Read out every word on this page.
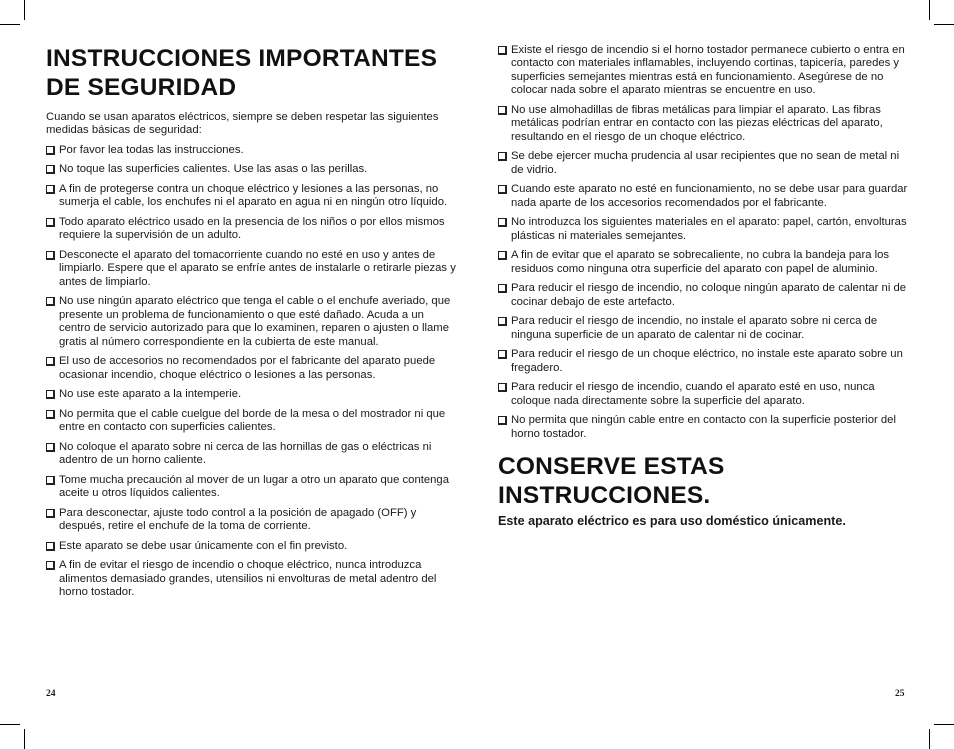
INSTRUCCIONES IMPORTANTES DE SEGURIDAD

Cuando se usan aparatos eléctricos, siempre se deben respetar las siguientes medidas básicas de seguridad:

Por favor lea todas las instrucciones.
No toque las superficies calientes. Use las asas o las perillas.
A fin de protegerse contra un choque eléctrico y lesiones a las personas, no sumerja el cable, los enchufes ni el aparato en agua ni en ningún otro líquido.
Todo aparato eléctrico usado en la presencia de los niños o por ellos mismos requiere la supervisión de un adulto.
Desconecte el aparato del tomacorriente cuando no esté en uso y antes de limpiarlo. Espere que el aparato se enfríe antes de instalarle o retirarle piezas y antes de limpiarlo.
No use ningún aparato eléctrico que tenga el cable o el enchufe averiado, que presente un problema de funcionamiento o que esté dañado. Acuda a un centro de servicio autorizado para que lo examinen, reparen o ajusten o llame gratis al número correspondiente en la cubierta de este manual.
El uso de accesorios no recomendados por el fabricante del aparato puede ocasionar incendio, choque eléctrico o lesiones a las personas.
No use este aparato a la intemperie.
No permita que el cable cuelgue del borde de la mesa o del mostrador ni que entre en contacto con superficies calientes.
No coloque el aparato sobre ni cerca de las hornillas de gas o eléctricas ni adentro de un horno caliente.
Tome mucha precaución al mover de un lugar a otro un aparato que contenga aceite u otros líquidos calientes.
Para desconectar, ajuste todo control a la posición de apagado (OFF) y después, retire el enchufe de la toma de corriente.
Este aparato se debe usar únicamente con el fin previsto.
A fin de evitar el riesgo de incendio o choque eléctrico, nunca introduzca alimentos demasiado grandes, utensilios ni envolturas de metal adentro del horno tostador.
Existe el riesgo de incendio si el horno tostador permanece cubierto o entra en contacto con materiales inflamables, incluyendo cortinas, tapicería, paredes y superficies semejantes mientras está en funcionamiento. Asegúrese de no colocar nada sobre el aparato mientras se encuentre en uso.
No use almohadillas de fibras metálicas para limpiar el aparato. Las fibras metálicas podrían entrar en contacto con las piezas eléctricas del aparato, resultando en el riesgo de un choque eléctrico.
Se debe ejercer mucha prudencia al usar recipientes que no sean de metal ni de vidrio.
Cuando este aparato no esté en funcionamiento, no se debe usar para guardar nada aparte de los accesorios recomendados por el fabricante.
No introduzca los siguientes materiales en el aparato: papel, cartón, envolturas plásticas ni materiales semejantes.
A fin de evitar que el aparato se sobrecaliente, no cubra la bandeja para los residuos como ninguna otra superficie del aparato con papel de aluminio.
Para reducir el riesgo de incendio, no coloque ningún aparato de calentar ni de cocinar debajo de este artefacto.
Para reducir el riesgo de incendio, no instale el aparato sobre ni cerca de ninguna superficie de un aparato de calentar ni de cocinar.
Para reducir el riesgo de un choque eléctrico, no instale este aparato sobre un fregadero.
Para reducir el riesgo de incendio, cuando el aparato esté en uso, nunca coloque nada directamente sobre la superficie del aparato.
No permita que ningún cable entre en contacto con la superficie posterior del horno tostador.
CONSERVE ESTAS INSTRUCCIONES.

Este aparato eléctrico es para uso doméstico únicamente.

24	25
